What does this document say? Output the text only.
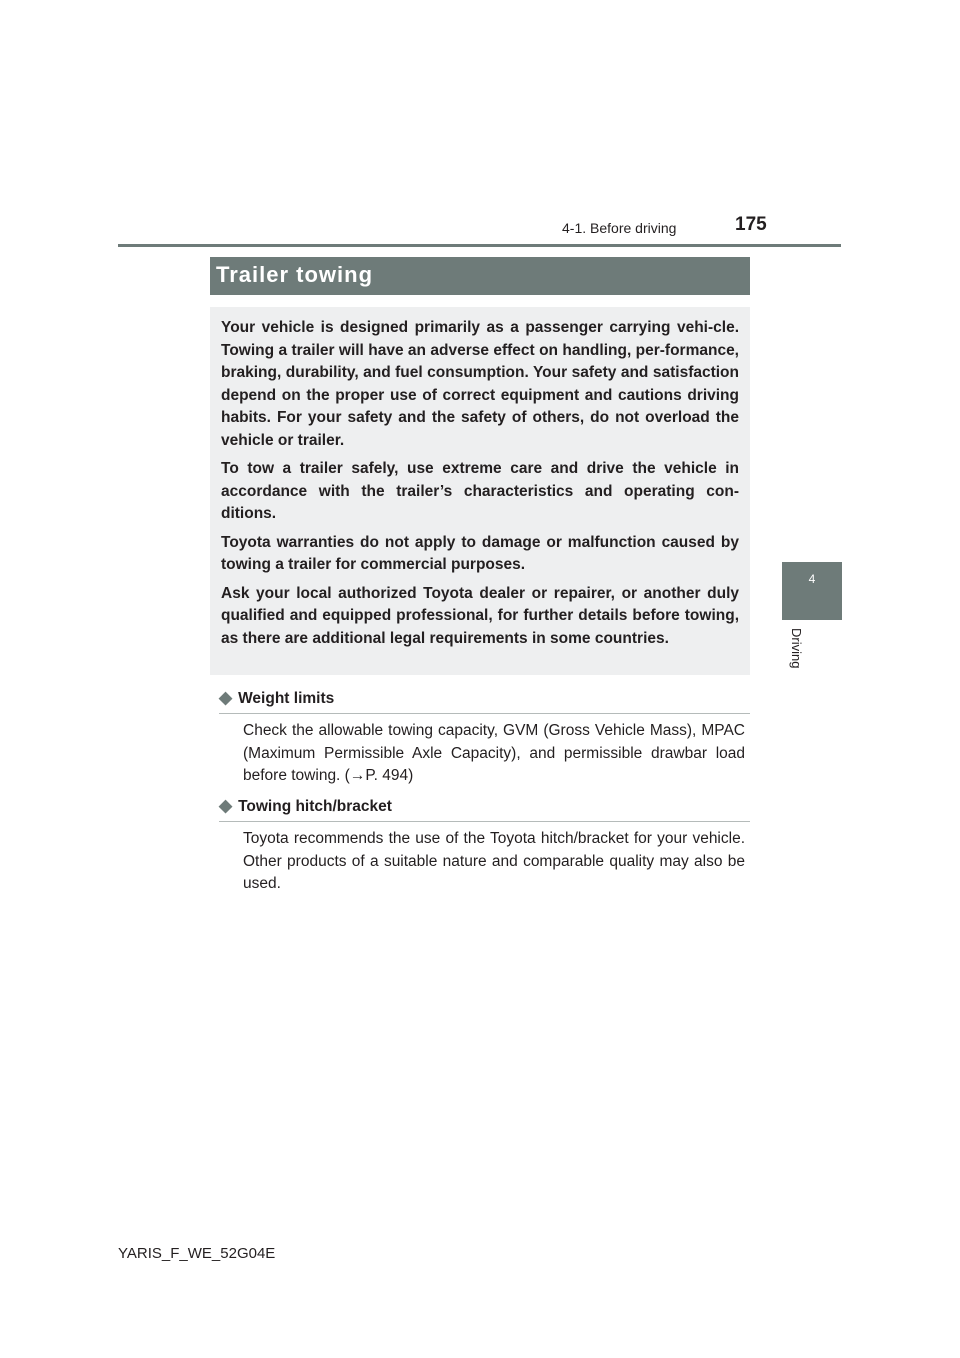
175
4-1. Before driving
4
Driving
Trailer towing

Your vehicle is designed primarily as a passenger carrying vehi-cle. Towing a trailer will have an adverse effect on handling, per-formance, braking, durability, and fuel consumption. Your safety and satisfaction depend on the proper use of correct equipment and cautions driving habits. For your safety and the safety of others, do not overload the vehicle or trailer.

To tow a trailer safely, use extreme care and drive the vehicle in accordance with the trailer’s characteristics and operating con-ditions.

Toyota warranties do not apply to damage or malfunction caused by towing a trailer for commercial purposes.

Ask your local authorized Toyota dealer or repairer, or another duly qualified and equipped professional, for further details before towing, as there are additional legal requirements in some countries.

◆ Weight limits

Check the allowable towing capacity, GVM (Gross Vehicle Mass), MPAC (Maximum Permissible Axle Capacity), and permissible drawbar load before towing. (→P. 494)

◆ Towing hitch/bracket

Toyota recommends the use of the Toyota hitch/bracket for your vehicle. Other products of a suitable nature and comparable quality may also be used.

YARIS_F_WE_52G04E
